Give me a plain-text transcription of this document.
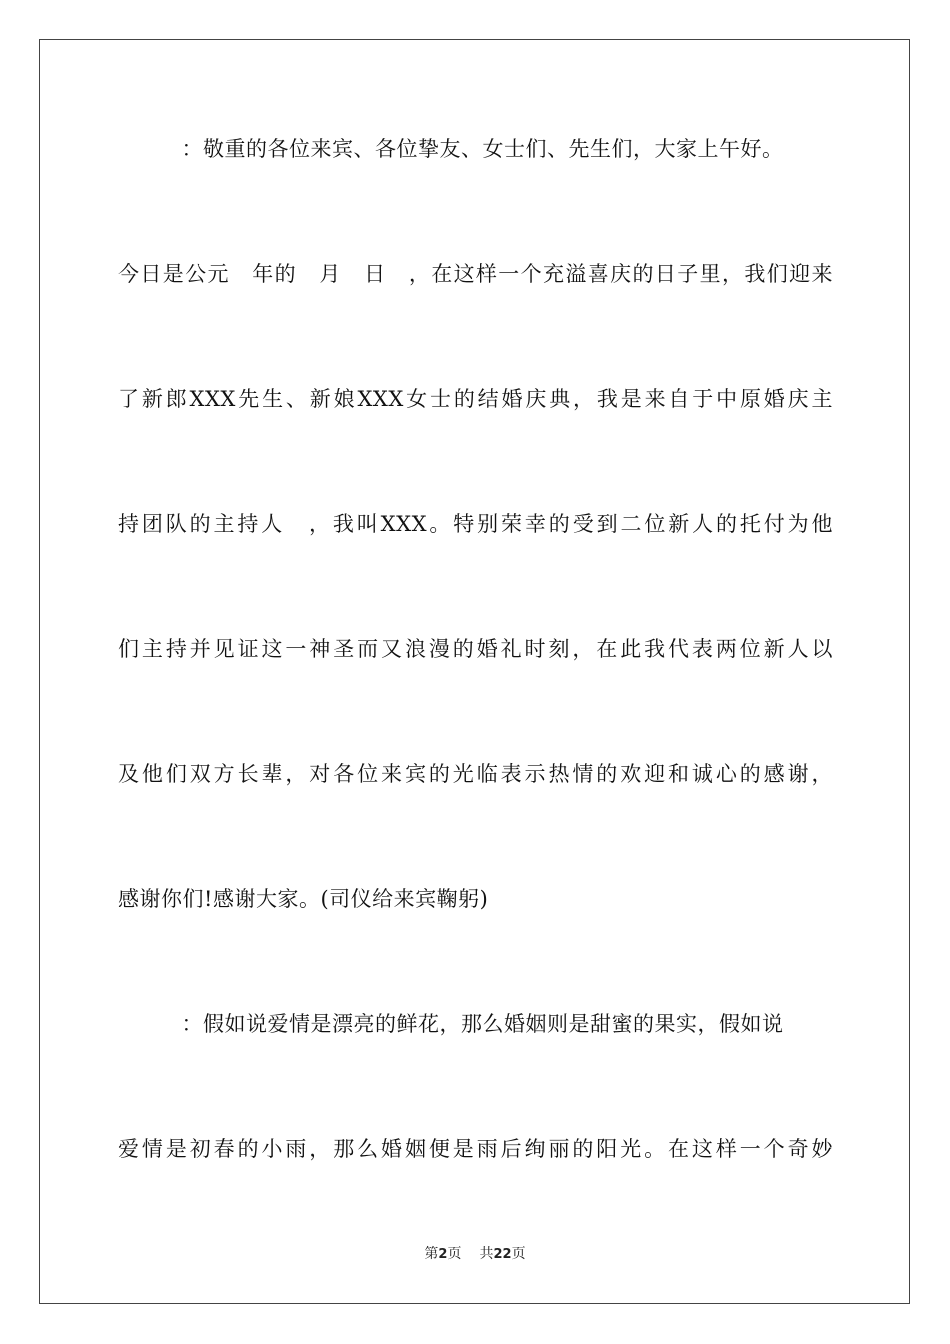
　：敬重的各位来宾、各位挚友、女士们、先生们，大家上午好。
今日是公元　年的　月　日　，在这样一个充溢喜庆的日子里，我们迎来
了新郎XXX先生、新娘XXX女士的结婚庆典，我是来自于中原婚庆主
持团队的主持人　，我叫XXX。特别荣幸的受到二位新人的托付为他
们主持并见证这一神圣而又浪漫的婚礼时刻，在此我代表两位新人以
及他们双方长辈，对各位来宾的光临表示热情的欢迎和诚心的感谢，
感谢你们!感谢大家。(司仪给来宾鞠躬)
　：假如说爱情是漂亮的鲜花，那么婚姻则是甜蜜的果实，假如说
爱情是初春的小雨，那么婚姻便是雨后绚丽的阳光。在这样一个奇妙
第2页 共22页
